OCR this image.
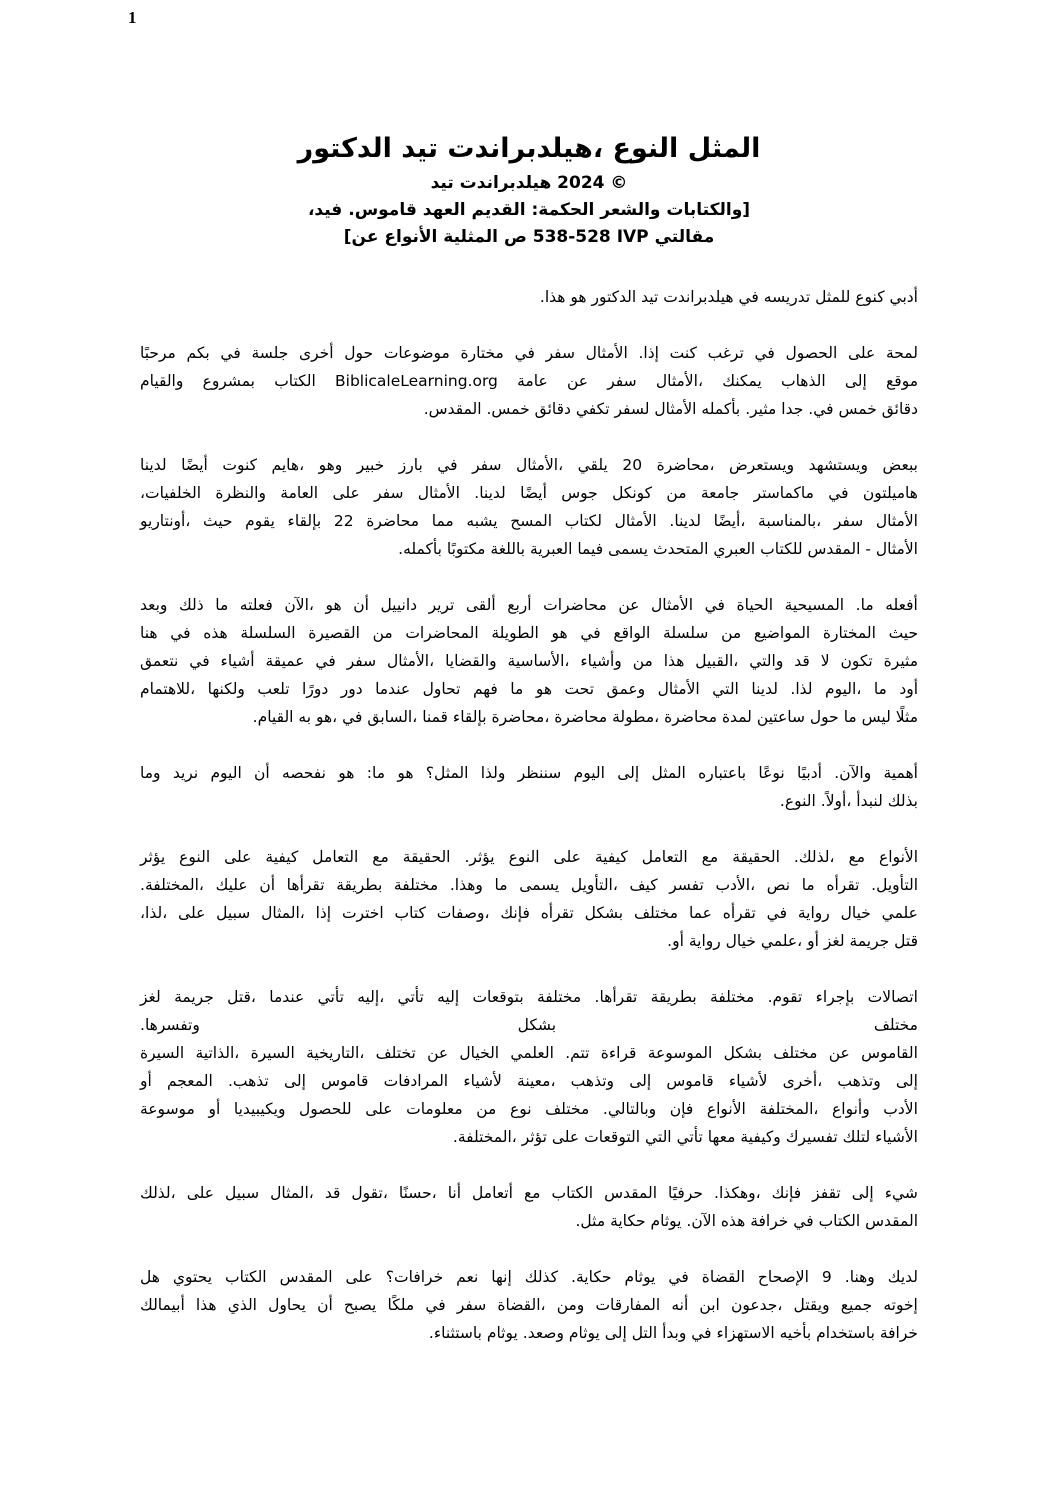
1
الدكتور تيد هيلدبراندت، النوع المثل
تيد هيلدبراندت 2024 ©
،فيد .قاموس العهد القديم :الحكمة والشعر والكتابات]
[عن الأنواع المثلية ص 538-528 IVP مقالتي
.هذا هو الدكتور تيد هيلدبراندت في تدريسه للمثل كنوع أدبي
مرحبًا بكم في جلسة أخرى حول موضوعات مختارة في سفر الأمثال .إذا كنت ترغب في الحصول على لمحة
والقيام بمشروع الكتاب BiblicaleLearning.org عامة عن سفر الأمثال، يمكنك الذهاب إلى موقع
.المقدس .خمس دقائق تكفي لسفر الأمثال بأكمله .مثير جدا .في خمس دقائق
لدينا أيضًا كنوت هايم، وهو خبير بارز في سفر الأمثال، يلقي 20 محاضرة، ويستعرض ويستشهد ببعض
،الخلفيات والنظرة العامة على سفر الأمثال .لدينا أيضًا جوس كونكل من جامعة ماكماستر في هاميلتون
أونتاريو، حيث يقوم بإلقاء 22 محاضرة مما يشبه المسح لكتاب الأمثال .لدينا أيضًا، بالمناسبة، سفر الأمثال
.بأكمله مكتوبًا باللغة العبرية فيما يسمى المتحدث العبري للكتاب المقدس - الأمثال
وبعد ذلك ما فعلته الآن، هو أن دانييل ترير ألقى أربع محاضرات عن الأمثال في الحياة المسيحية .ما أفعله
هنا في هذه السلسلة القصيرة من المحاضرات الطويلة هو في الواقع سلسلة من المواضيع المختارة حيث
نتعمق في أشياء عميقة في سفر الأمثال، والقضايا الأساسية، وأشياء من هذا القبيل، والتي قد لا تكون مثيرة
للاهتمام، ولكنها تلعب دورًا دور عندما تحاول فهم ما هو تحت وعمق الأمثال التي لدينا .لذا اليوم، ما أود
.القيام به هو، في السابق، قمنا بإلقاء محاضرة، محاضرة مطولة، محاضرة لمدة ساعتين حول ما ليس مثلًا
وما نريد اليوم أن نفحصه هو :ما هو المثل؟ ولذا سننظر اليوم إلى المثل باعتباره نوعًا أدبيًا .والآن أهمية
.النوع .أولاً، لنبدأ بذلك
يؤثر النوع على كيفية التعامل مع الحقيقة .يؤثر النوع على كيفية التعامل مع الحقيقة .لذلك، مع الأنواع
.المختلفة، عليك أن تقرأها بطريقة مختلفة .وهذا ما يسمى التأويل، كيف تفسر الأدب، نص ما تقرأه .التأويل
،لذا، على سبيل المثال، إذا اخترت كتاب وصفات، فإنك تقرأه بشكل مختلف عما تقرأه في رواية خيال علمي
.أو رواية خيال علمي، أو لغز جريمة قتل
لغز جريمة قتل، عندما تأتي إليه، تأتي إليه بتوقعات مختلفة .تقرأها بطريقة مختلفة .تقوم بإجراء اتصالات
.وتفسرها	بشكل	مختلف
السيرة الذاتية، السيرة التاريخية، تختلف عن الخيال العلمي .تتم قراءة الموسوعة بشكل مختلف عن القاموس
أو المعجم .تذهب إلى قاموس المرادفات لأشياء معينة، وتذهب إلى قاموس لأشياء أخرى، وتذهب إلى
موسوعة أو ويكيبيديا للحصول على معلومات من نوع مختلف .وبالتالي فإن الأنواع المختلفة، وأنواع الأدب
.المختلفة، تؤثر على التوقعات التي تأتي معها وكيفية تفسيرك لتلك الأشياء
لذلك، على سبيل المثال، قد تقول، حسنًا، أنا أتعامل مع الكتاب المقدس حرفيًا .وهكذا، فإنك تقفز إلى شيء
.مثل حكاية يوثام .الآن هذه خرافة في الكتاب المقدس
هل يحتوي الكتاب المقدس على خرافات؟ نعم إنها كذلك .حكاية يوثام في القضاة الإصحاح 9 .وهنا لديك
أبيمالك هذا الذي يحاول أن يصبح ملكًا في سفر القضاة، ومن المفارقات أنه ابن جدعون، ويقتل جميع إخوته
.باستثناء يوثام .وصعد يوثام إلى التل وبدأ في الاستهزاء بأخيه باستخدام خرافة
